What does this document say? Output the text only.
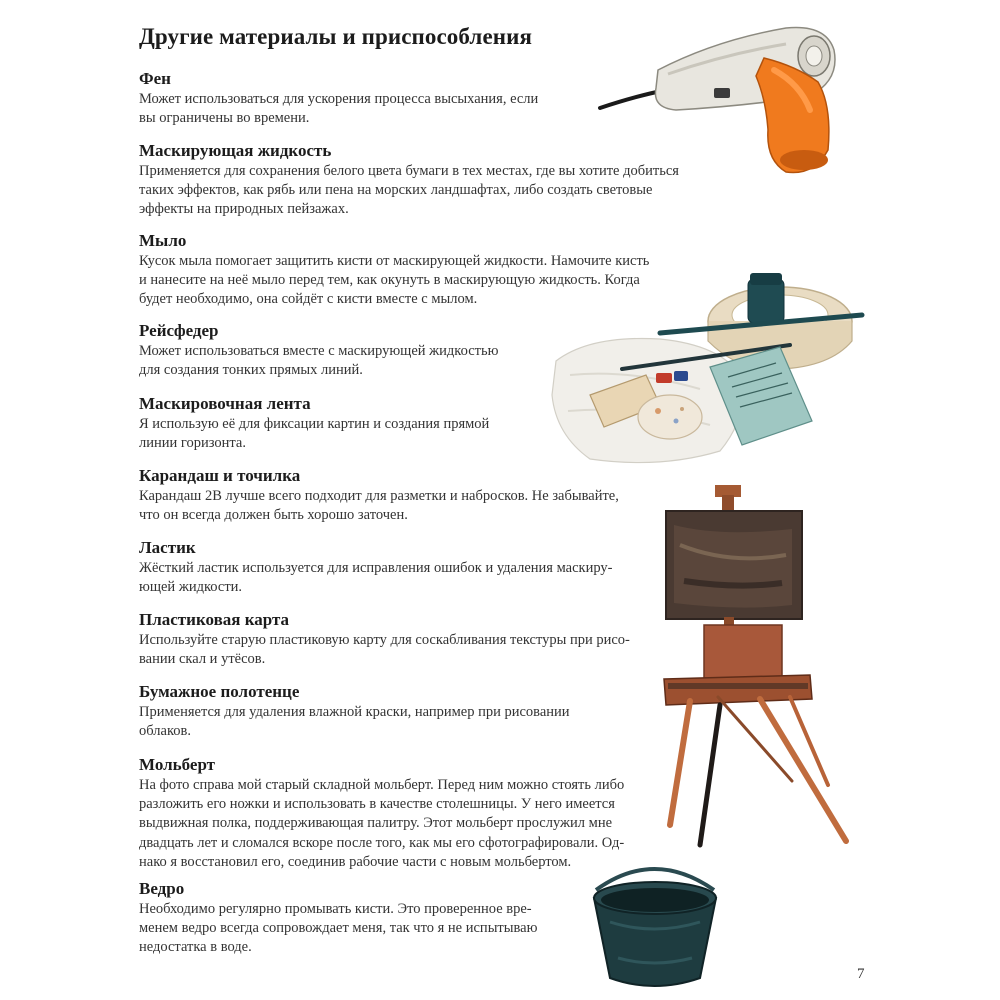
Другие материалы и приспособления
Фен
Может использоваться для ускорения процесса высыхания, если
вы ограничены во времени.
Маскирующая жидкость
Применяется для сохранения белого цвета бумаги в тех местах, где вы хотите добиться
таких эффектов, как рябь или пена на морских ландшафтах, либо создать световые
эффекты на природных пейзажах.
Мыло
Кусок мыла помогает защитить кисти от маскирующей жидкости. Намочите кисть
и нанесите на неё мыло перед тем, как окунуть в маскирующую жидкость. Когда
будет необходимо, она сойдёт с кисти вместе с мылом.
Рейсфедер
Может использоваться вместе с маскирующей жидкостью
для создания тонких прямых линий.
Маскировочная лента
Я использую её для фиксации картин и создания прямой
линии горизонта.
Карандаш и точилка
Карандаш 2B лучше всего подходит для разметки и набросков. Не забывайте,
что он всегда должен быть хорошо заточен.
Ластик
Жёсткий ластик используется для исправления ошибок и удаления маскиру-
ющей жидкости.
Пластиковая карта
Используйте старую пластиковую карту для соскабливания текстуры при рисо-
вании скал и утёсов.
Бумажное полотенце
Применяется для удаления влажной краски, например при рисовании
облаков.
Мольберт
На фото справа мой старый складной мольберт. Перед ним можно стоять либо
разложить его ножки и использовать в качестве столешницы. У него имеется
выдвижная полка, поддерживающая палитру. Этот мольберт прослужил мне
двадцать лет и сломался вскоре после того, как мы его сфотографировали. Од-
нако я восстановил его, соединив рабочие части с новым мольбертом.
Ведро
Необходимо регулярно промывать кисти. Это проверенное вре-
менем ведро всегда сопровождает меня, так что я не испытываю
недостатка в воде.
7
